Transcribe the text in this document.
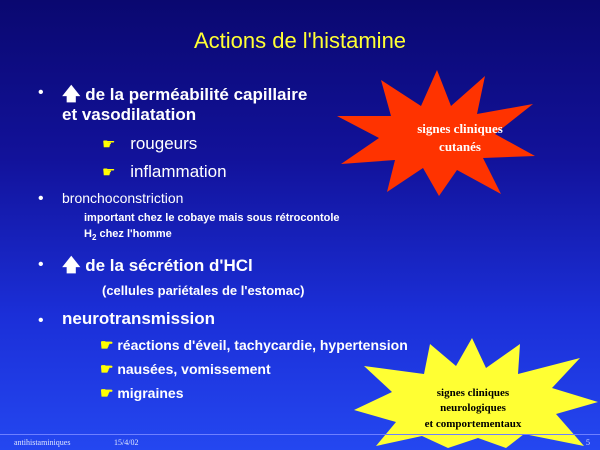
Actions de l'histamine
signes cliniques
cutanés
signes cliniques
neurologiques
et comportementaux
• 🡅 de la perméabilité capillaire
et vasodilatation
☛ rougeurs
☛ inflammation
• bronchoconstriction
important chez le cobaye mais sous rétrocontole
$H_2$ chez l'homme
• 🡅 de la sécrétion d'HCl
(cellules pariétales de l'estomac)
• neurotransmission
☛ réactions d'éveil, tachycardie, hypertension
☛ nausées, vomissement
☛ migraines
antihistaminiques	15/4/02	5
